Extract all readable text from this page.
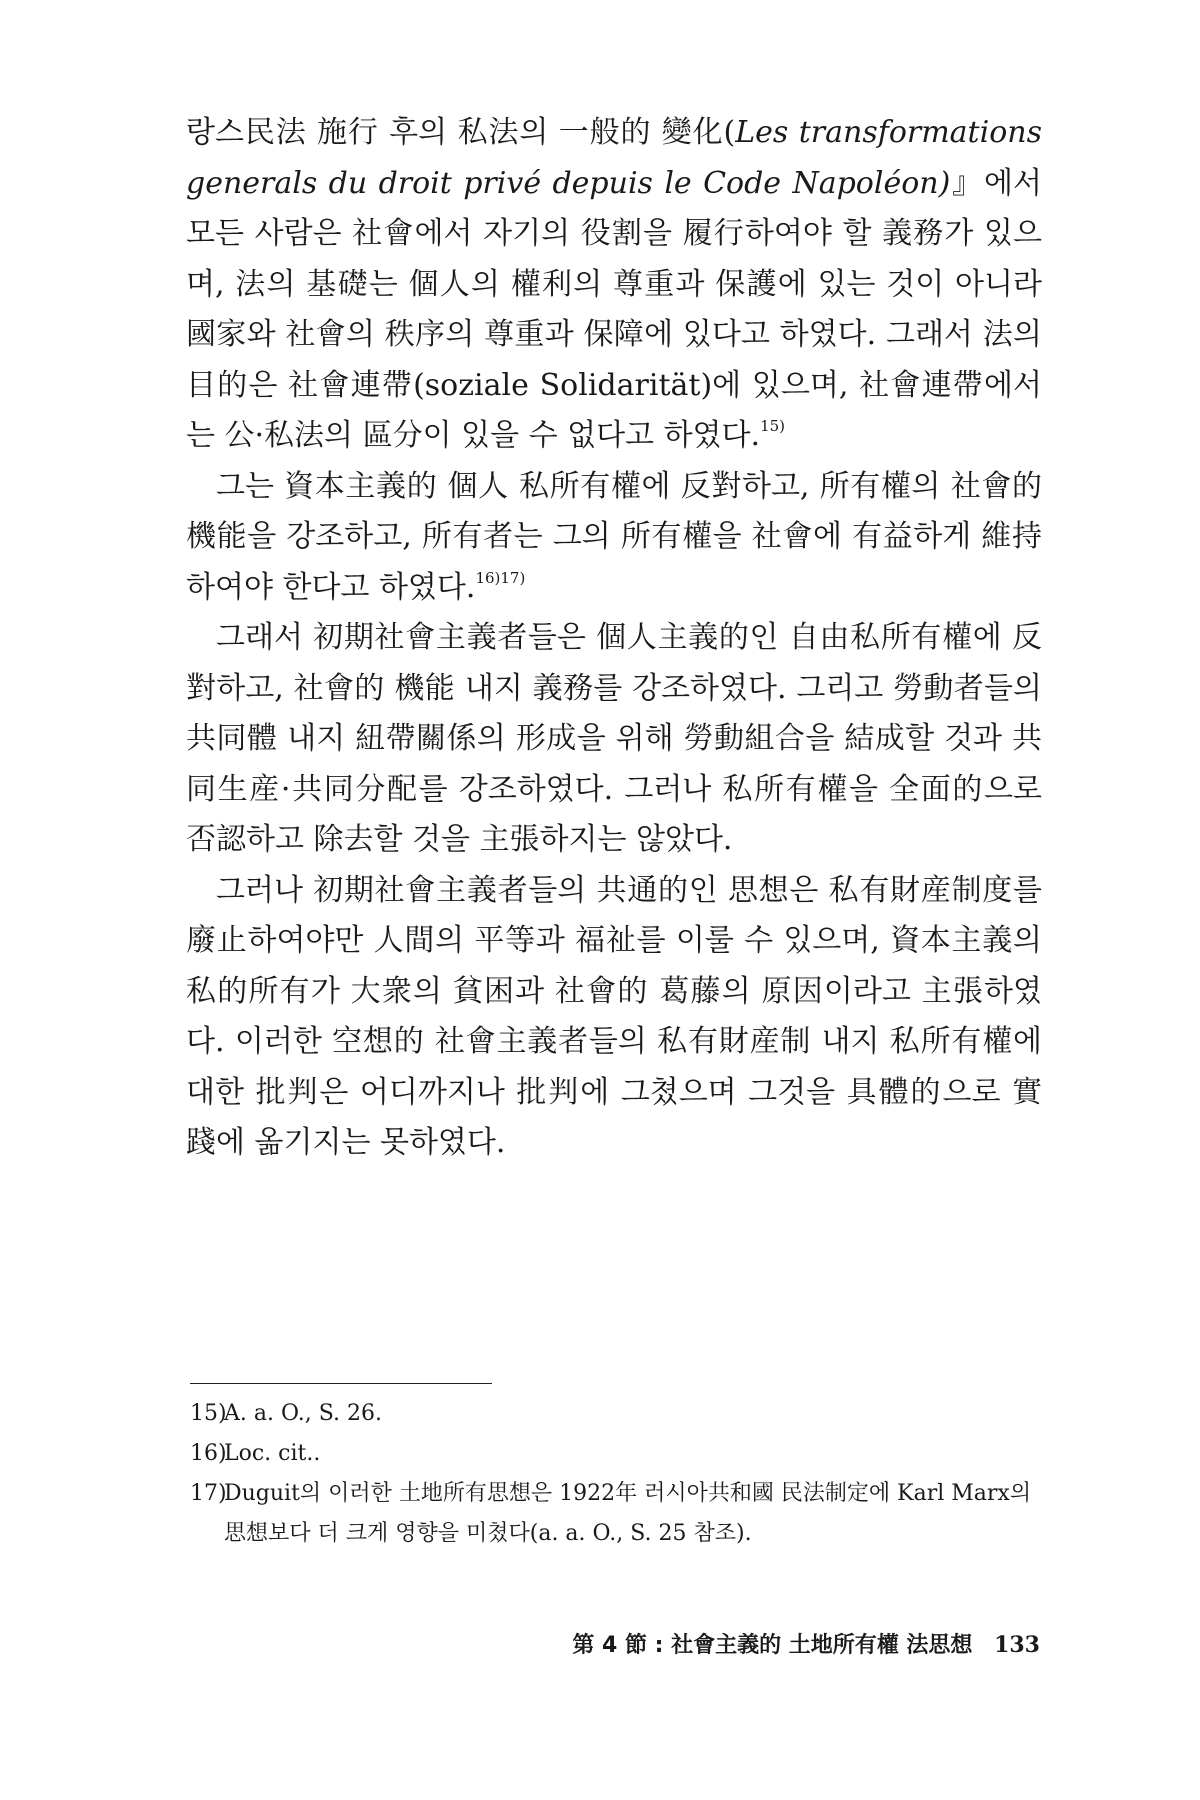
랑스民法 施行 후의 私法의 一般的 變化(Les transformations generals du droit privé depuis le Code Napoléon)』에서 모든 사람은 社會에서 자기의 役割을 履行하여야 할 義務가 있으며, 法의 基礎는 個人의 權利의 尊重과 保護에 있는 것이 아니라 國家와 社會의 秩序의 尊重과 保障에 있다고 하였다. 그래서 法의 目的은 社會連帶(soziale Solidarität)에 있으며, 社會連帶에서는 公·私法의 區分이 있을 수 없다고 하였다.$^{15)}$

그는 資本主義的 個人 私所有權에 反對하고, 所有權의 社會的 機能을 강조하고, 所有者는 그의 所有權을 社會에 有益하게 維持하여야 한다고 하였다.$^{16)17)}$

그래서 初期社會主義者들은 個人主義的인 自由私所有權에 反對하고, 社會的 機能 내지 義務를 강조하였다. 그리고 勞動者들의 共同體 내지 紐帶關係의 形成을 위해 勞動組合을 結成할 것과 共同生産·共同分配를 강조하였다. 그러나 私所有權을 全面的으로 否認하고 除去할 것을 主張하지는 않았다.

그러나 初期社會主義者들의 共通的인 思想은 私有財産制度를 廢止하여야만 人間의 平等과 福祉를 이룰 수 있으며, 資本主義의 私的所有가 大衆의 貧困과 社會的 葛藤의 原因이라고 主張하였다. 이러한 空想的 社會主義者들의 私有財産制 내지 私所有權에 대한 批判은 어디까지나 批判에 그쳤으며 그것을 具體的으로 實踐에 옮기지는 못하였다.

15)
A. a. O., S. 26.

16)
Loc. cit..

17)
Duguit의 이러한 土地所有思想은 1922年 러시아共和國 民法制定에 Karl Marx의 思想보다 더 크게 영향을 미쳤다(a. a. O., S. 25 참조).

第 4 節 : 社會主義的 土地所有權 法思想 133
